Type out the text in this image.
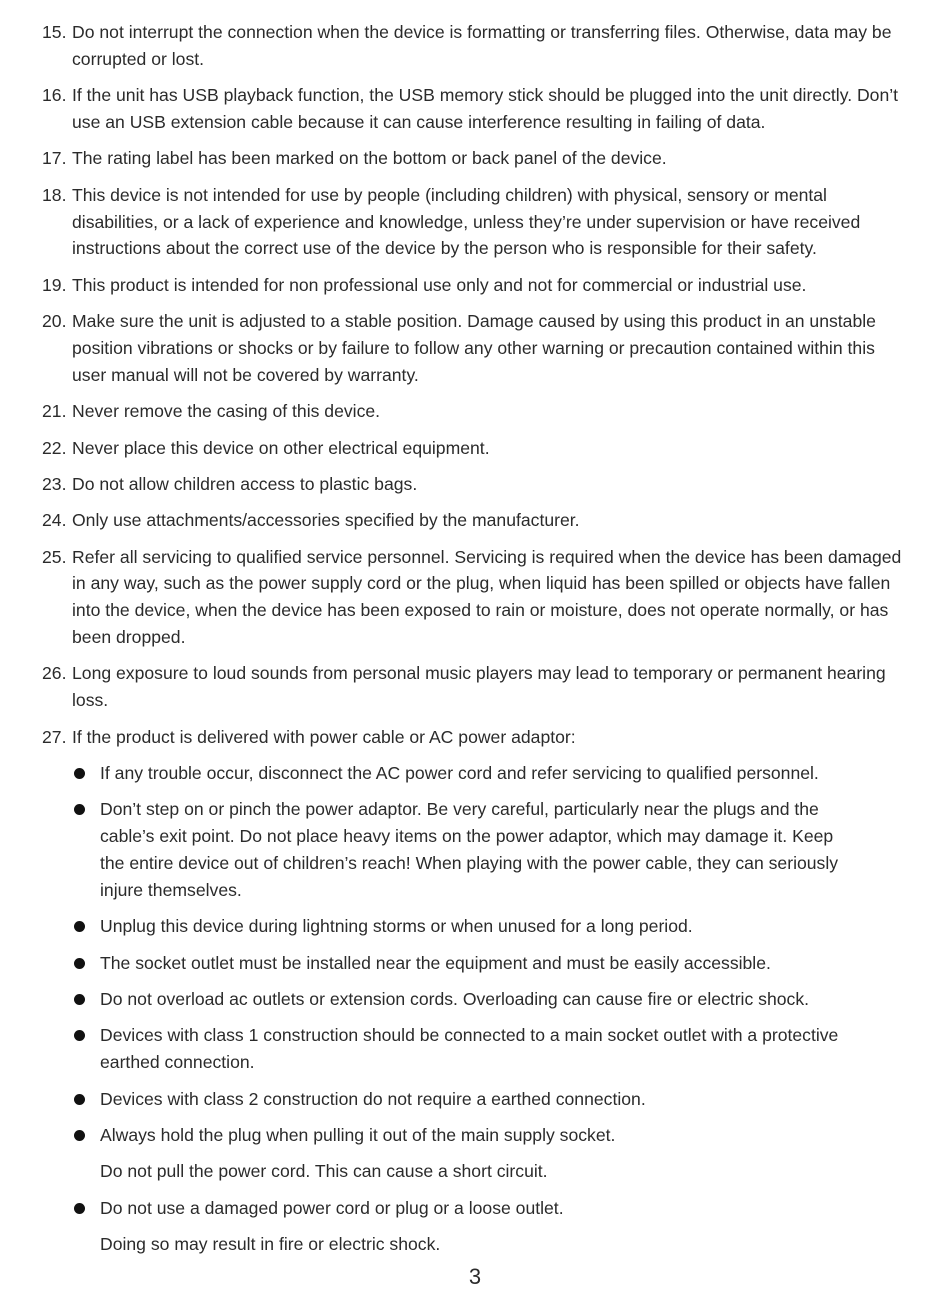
15. Do not interrupt the connection when the device is formatting or transferring files. Otherwise, data may be corrupted or lost.
16. If the unit has USB playback function, the USB memory stick should be plugged into the unit directly. Don’t use an USB extension cable because it can cause interference resulting in failing of data.
17. The rating label has been marked on the bottom or back panel of the device.
18. This device is not intended for use by people (including children) with physical, sensory or mental disabilities, or a lack of experience and knowledge, unless they’re under supervision or have received instructions about the correct use of the device by the person who is responsible for their safety.
19. This product is intended for non professional use only and not for commercial or industrial use.
20. Make sure the unit is adjusted to a stable position. Damage caused by using this product in an unstable position vibrations or shocks or by failure to follow any other warning or precaution contained within this user manual will not be covered by warranty.
21. Never remove the casing of this device.
22. Never place this device on other electrical equipment.
23. Do not allow children access to plastic bags.
24. Only use attachments/accessories specified by the manufacturer.
25. Refer all servicing to qualified service personnel. Servicing is required when the device has been damaged in any way, such as the power supply cord or the plug, when liquid has been spilled or objects have fallen into the device, when the device has been exposed to rain or moisture, does not operate normally, or has been dropped.
26. Long exposure to loud sounds from personal music players may lead to temporary or permanent hearing loss.
27. If the product is delivered with power cable or AC power adaptor:
If any trouble occur, disconnect the AC power cord and refer servicing to qualified personnel.
Don’t step on or pinch the power adaptor. Be very careful, particularly near the plugs and the cable’s exit point. Do not place heavy items on the power adaptor, which may damage it. Keep the entire device out of children’s reach! When playing with the power cable, they can seriously injure themselves.
Unplug this device during lightning storms or when unused for a long period.
The socket outlet must be installed near the equipment and must be easily accessible.
Do not overload ac outlets or extension cords. Overloading can cause fire or electric shock.
Devices with class 1 construction should be connected to a main socket outlet with a protective earthed connection.
Devices with class 2 construction do not require a earthed connection.
Always hold the plug when pulling it out of the main supply socket.
Do not pull the power cord. This can cause a short circuit.
Do not use a damaged power cord or plug or a loose outlet.
Doing so may result in fire or electric shock.
3
